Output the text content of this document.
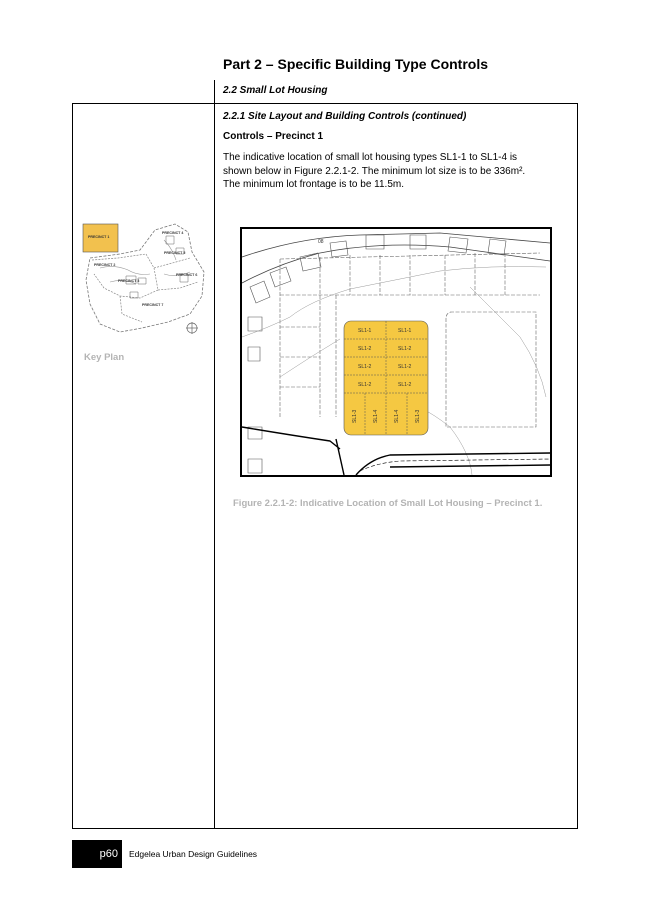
Part 2 – Specific Building Type Controls
2.2 Small Lot Housing
2.2.1 Site Layout and Building Controls (continued)
Controls – Precinct 1
The indicative location of small lot housing types SL1-1 to SL1-4 is
shown below in Figure 2.2.1-2. The minimum lot size is to be 336m².
The minimum lot frontage is to be 11.5m.
PRECINCT 1
PRECINCT 2
PRECINCT 3
PRECINCT 4
PRECINCT 5
PRECINCT 6
PRECINCT 7
Key Plan
08
SL1-1	SL1-1
SL1-2	SL1-2
SL1-2	SL1-2
SL1-2	SL1-2
SL1-3	SL1-4	SL1-4	SL1-3
Figure 2.2.1-2: Indicative Location of Small Lot Housing – Precinct 1.
p60 Edgelea Urban Design Guidelines
